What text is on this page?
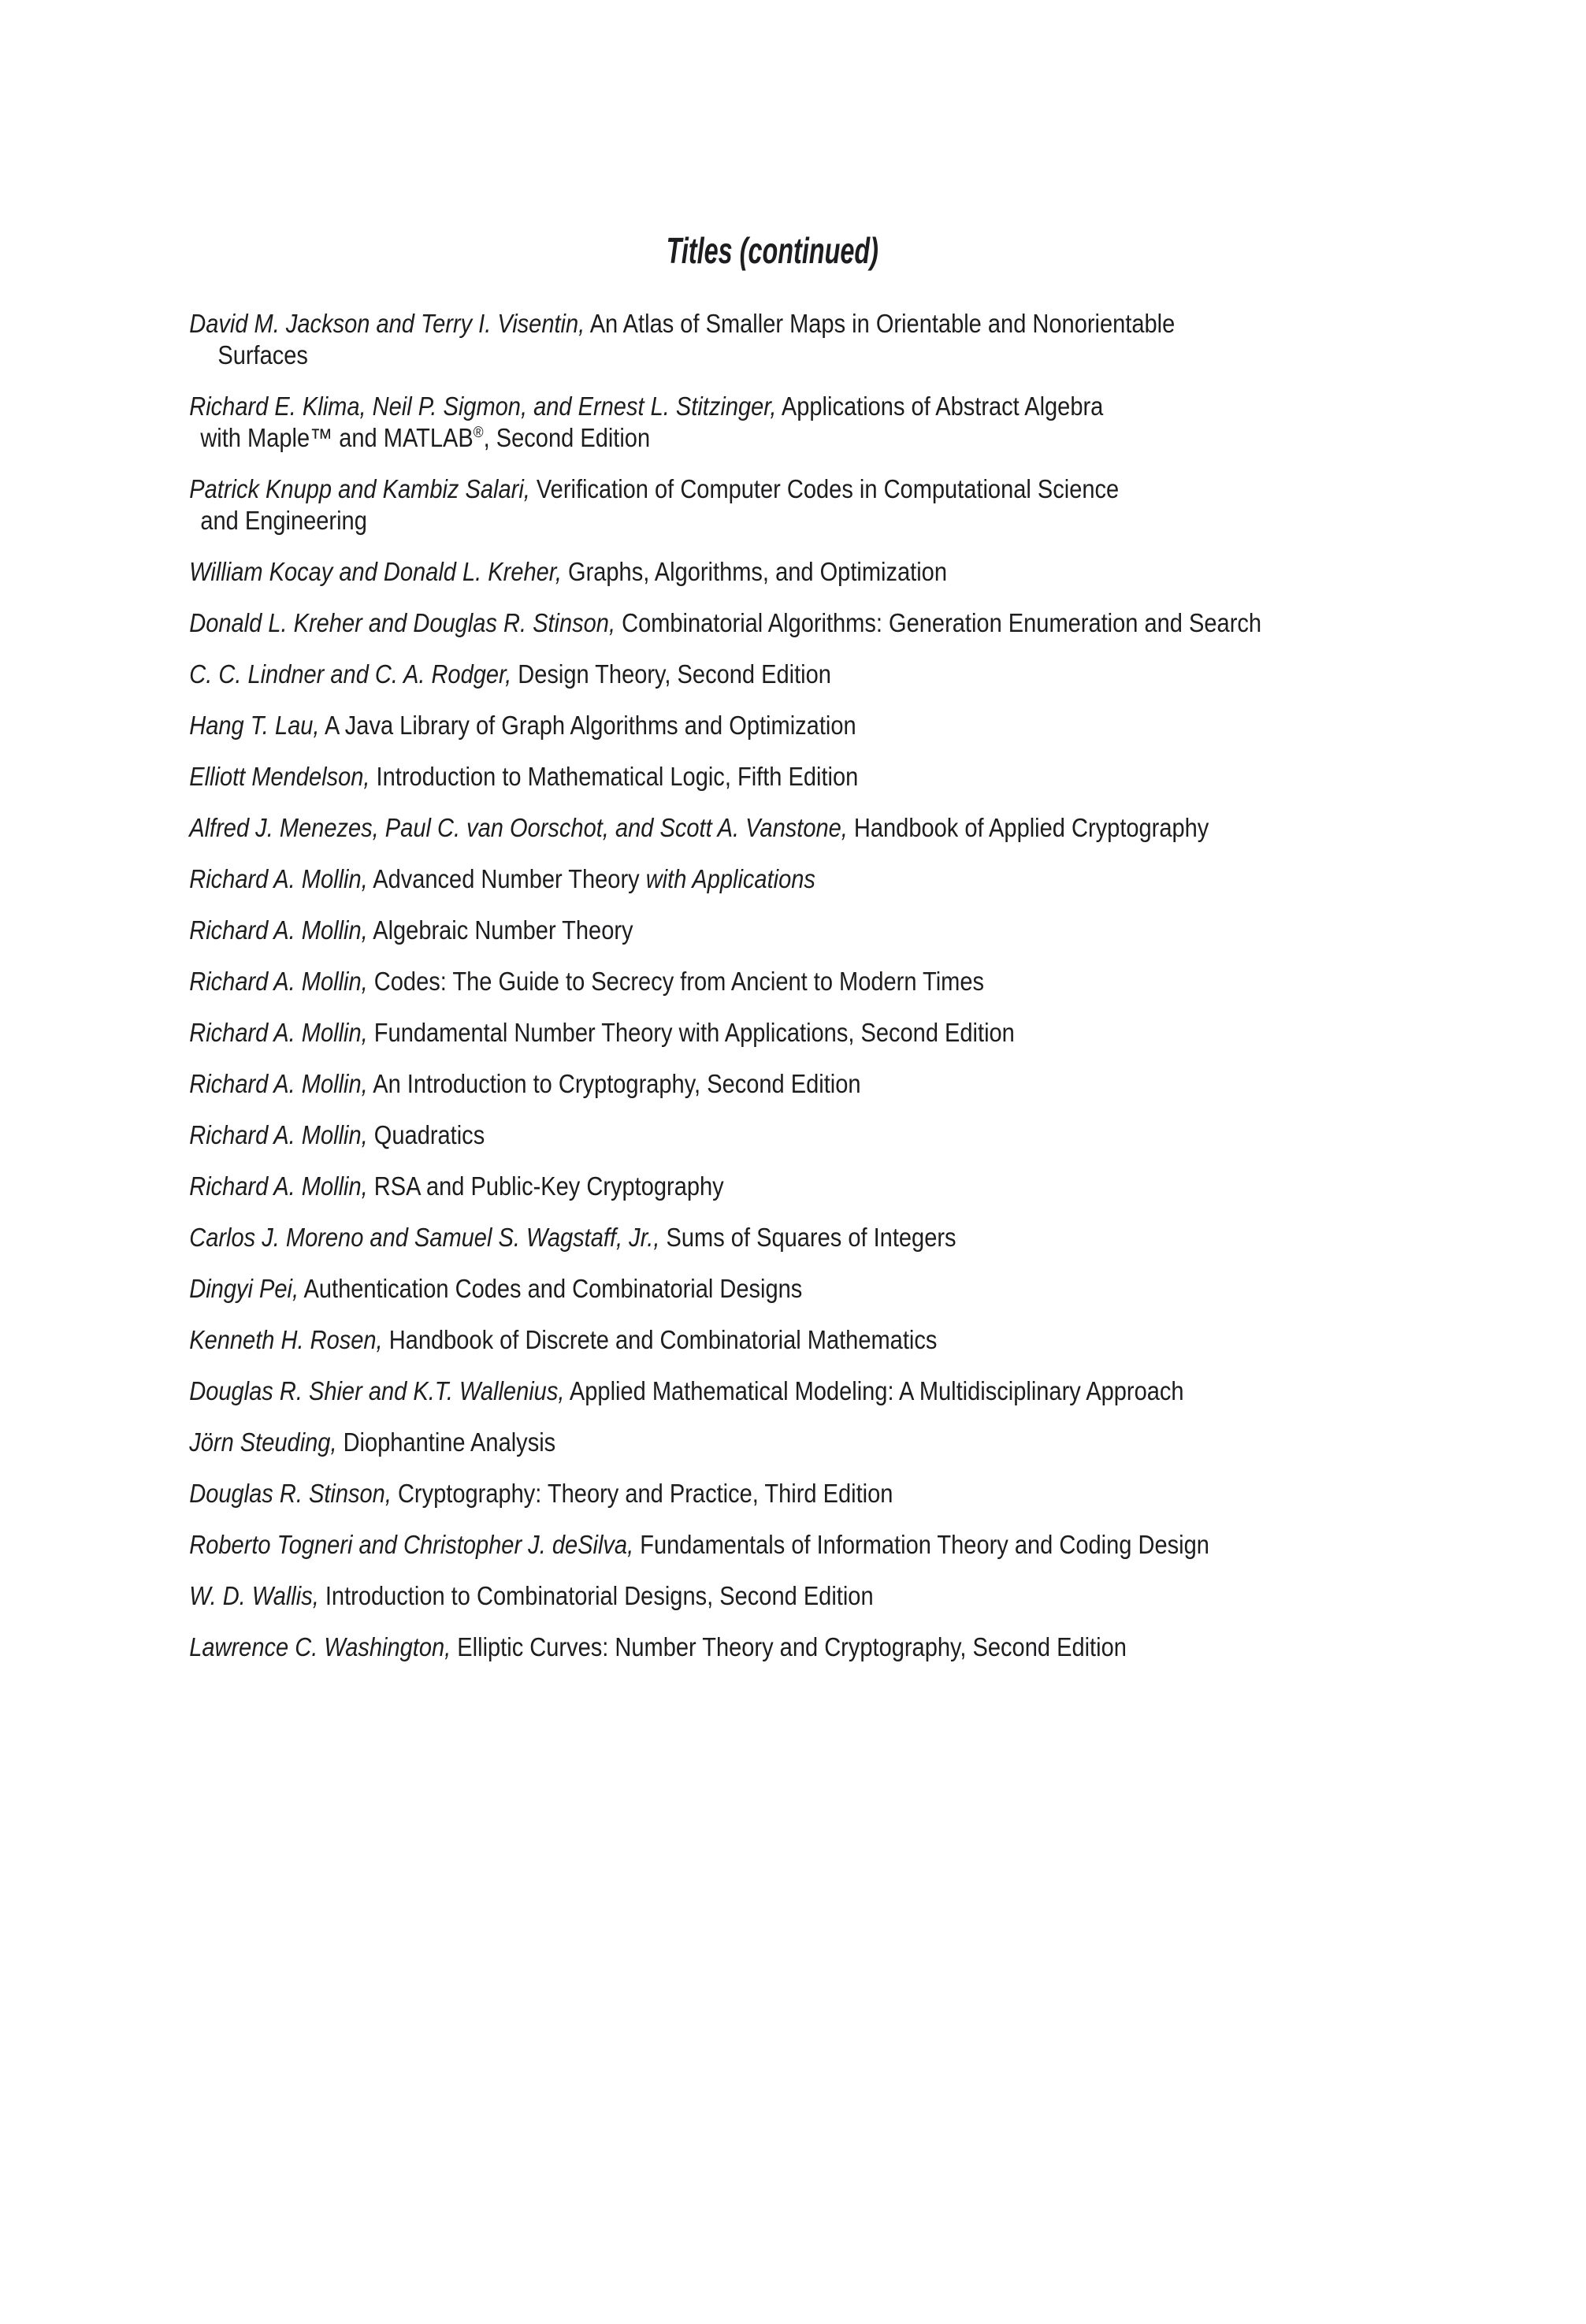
Titles (continued)
David M. Jackson and Terry I. Visentin, An Atlas of Smaller Maps in Orientable and Nonorientable
Surfaces
Richard E. Klima, Neil P. Sigmon, and Ernest L. Stitzinger, Applications of Abstract Algebra
with Maple™ and MATLAB®, Second Edition
Patrick Knupp and Kambiz Salari, Verification of Computer Codes in Computational Science
and Engineering
William Kocay and Donald L. Kreher, Graphs, Algorithms, and Optimization
Donald L. Kreher and Douglas R. Stinson, Combinatorial Algorithms: Generation Enumeration and Search
C. C. Lindner and C. A. Rodger, Design Theory, Second Edition
Hang T. Lau, A Java Library of Graph Algorithms and Optimization
Elliott Mendelson, Introduction to Mathematical Logic, Fifth Edition
Alfred J. Menezes, Paul C. van Oorschot, and Scott A. Vanstone, Handbook of Applied Cryptography
Richard A. Mollin, Advanced Number Theory with Applications
Richard A. Mollin, Algebraic Number Theory
Richard A. Mollin, Codes: The Guide to Secrecy from Ancient to Modern Times
Richard A. Mollin, Fundamental Number Theory with Applications, Second Edition
Richard A. Mollin, An Introduction to Cryptography, Second Edition
Richard A. Mollin, Quadratics
Richard A. Mollin, RSA and Public-Key Cryptography
Carlos J. Moreno and Samuel S. Wagstaff, Jr., Sums of Squares of Integers
Dingyi Pei, Authentication Codes and Combinatorial Designs
Kenneth H. Rosen, Handbook of Discrete and Combinatorial Mathematics
Douglas R. Shier and K.T. Wallenius, Applied Mathematical Modeling: A Multidisciplinary Approach
Jörn Steuding, Diophantine Analysis
Douglas R. Stinson, Cryptography: Theory and Practice, Third Edition
Roberto Togneri and Christopher J. deSilva, Fundamentals of Information Theory and Coding Design
W. D. Wallis, Introduction to Combinatorial Designs, Second Edition
Lawrence C. Washington, Elliptic Curves: Number Theory and Cryptography, Second Edition
